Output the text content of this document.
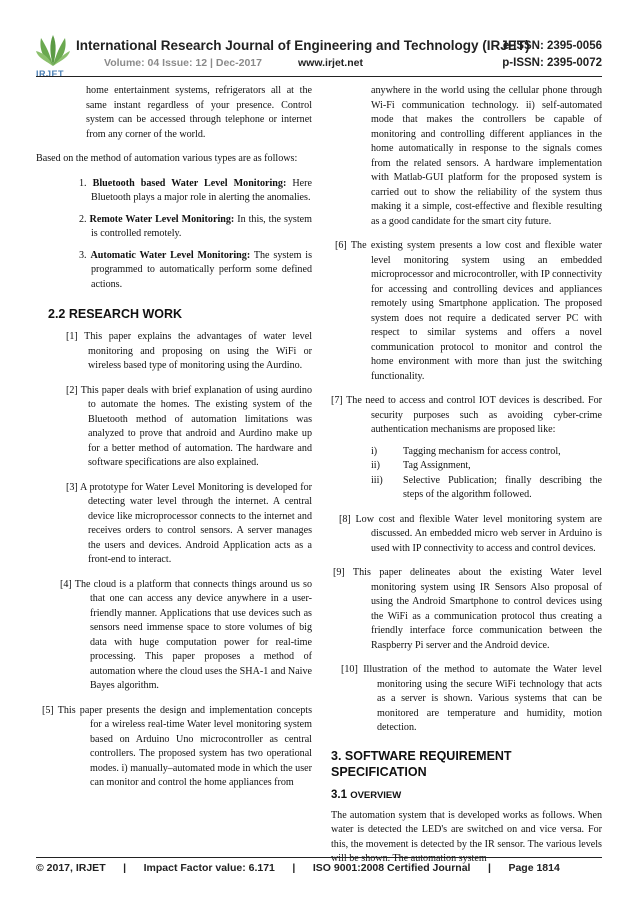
IRJET
International Research Journal of Engineering and Technology (IRJET)
e-ISSN: 2395-0056
Volume: 04 Issue: 12 | Dec-2017	www.irjet.net	p-ISSN: 2395-0072

home entertainment systems, refrigerators all at the same instant regardless of your presence. Control system can be accessed through telephone or internet from any corner of the world.

Based on the method of automation various types are as follows:

1. Bluetooth based Water Level Monitoring: Here Bluetooth plays a major role in alerting the anomalies.
2. Remote Water Level Monitoring: In this, the system is controlled remotely.
3. Automatic Water Level Monitoring: The system is programmed to automatically perform some defined actions.
2.2 RESEARCH WORK
[1] This paper explains the advantages of water level monitoring and proposing on using the WiFi or wireless based type of monitoring using the Aurdino.
[2] This paper deals with brief explanation of using aurdino to automate the homes. The existing system of the Bluetooth method of automation limitations was analyzed to prove that android and Aurdino make up for a better method of automation. The hardware and software specifications are also explained.
[3] A prototype for Water Level Monitoring is developed for detecting water level through the internet. A central device like microprocessor connects to the internet and receives orders to control sensors. A server manages the users and devices. Android Application acts as a front-end to interact.
[4] The cloud is a platform that connects things around us so that one can access any device anywhere in a user-friendly manner. Applications that use devices such as sensors need immense space to store volumes of big data with huge computation power for real-time processing. This paper proposes a method of automation where the cloud uses the SHA-1 and Naive Bayes algorithm.
[5] This paper presents the design and implementation concepts for a wireless real-time Water level monitoring system based on Arduino Uno microcontroller as central controllers. The proposed system has two operational modes. i) manually–automated mode in which the user can monitor and control the home appliances from

anywhere in the world using the cellular phone through Wi-Fi communication technology. ii) self-automated mode that makes the controllers be capable of monitoring and controlling different appliances in the home automatically in response to the signals comes from the related sensors. A hardware implementation with Matlab-GUI platform for the proposed system is carried out to show the reliability of the system thus making it a simple, cost-effective and flexible resulting as a good candidate for the smart city future.

[6] The existing system presents a low cost and flexible water level monitoring system using an embedded microprocessor and microcontroller, with IP connectivity for accessing and controlling devices and appliances remotely using Smartphone application. The proposed system does not require a dedicated server PC with respect to similar systems and offers a novel communication protocol to monitor and control the home environment with more than just the switching functionality.
[7] The need to access and control IOT devices is described. For security purposes such as avoiding cyber-crime authentication mechanisms are proposed like:
i)	Tagging mechanism for access control,
ii)	Tag Assignment,
iii)	Selective Publication; finally describing the steps of the algorithm followed.
[8] Low cost and flexible Water level monitoring system are discussed. An embedded micro web server in Arduino is used with IP connectivity to access and control devices.
[9] This paper delineates about the existing Water level monitoring system using IR Sensors Also proposal of using the Android Smartphone to control devices using the WiFi as a communication protocol thus creating a friendly interface force communication between the Raspberry Pi server and the Android device.
[10] Illustration of the method to automate the Water level monitoring using the secure WiFi technology that acts as a server is shown. Various systems that can be monitored are temperature and humidity, motion detection.
3. SOFTWARE REQUIREMENT SPECIFICATION
3.1 OVERVIEW

The automation system that is developed works as follows. When water is detected the LED's are switched on and vice versa. For this, the movement is detected by the IR sensor. The various levels will be shown. The automation system

© 2017, IRJET | Impact Factor value: 6.171 | ISO 9001:2008 Certified Journal | Page 1814
